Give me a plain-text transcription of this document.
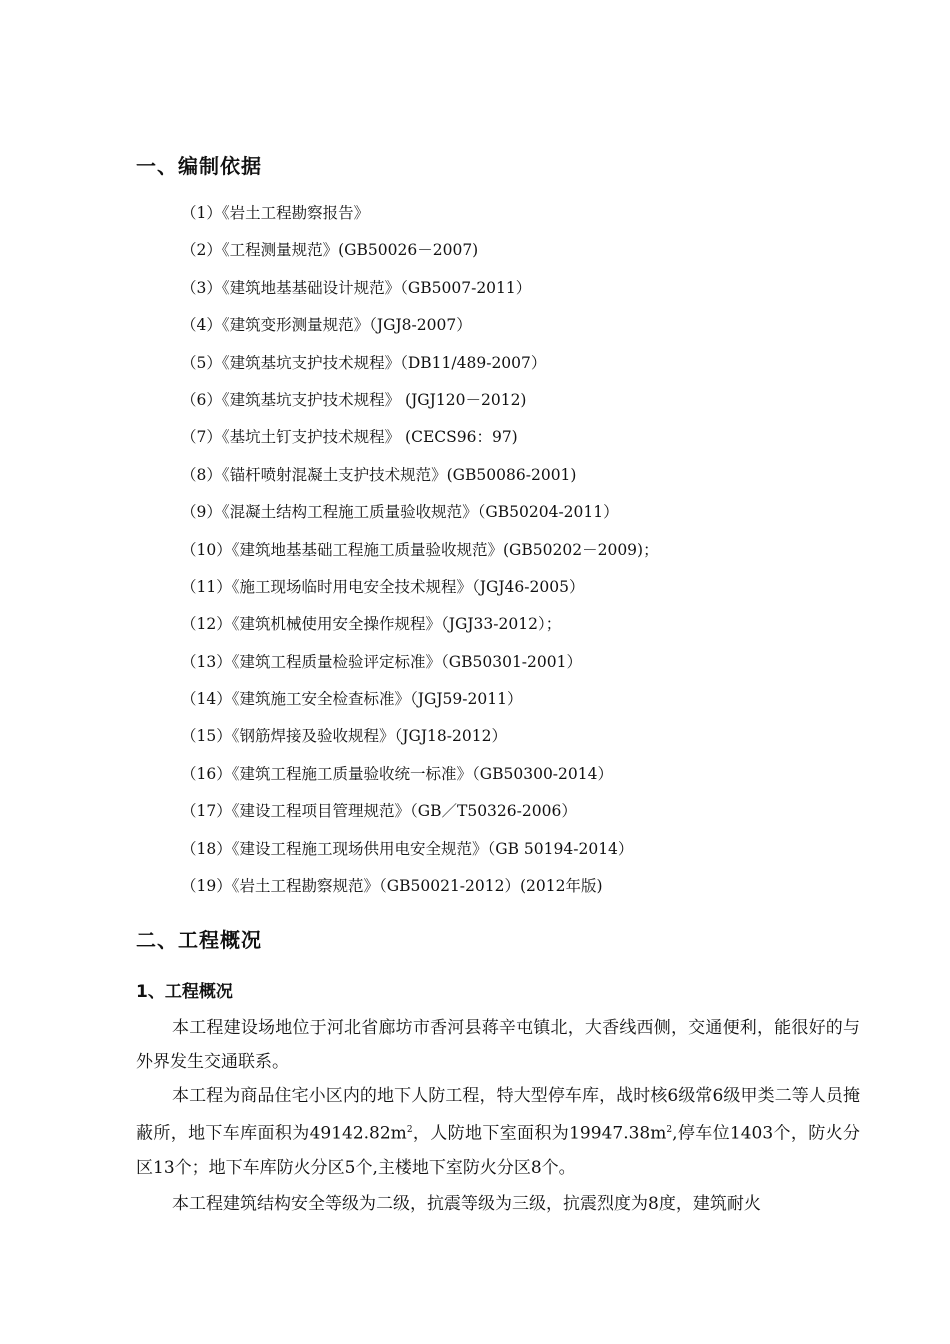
一、编制依据
（1）《岩土工程勘察报告》
（2）《工程测量规范》(GB50026－2007)
（3）《建筑地基基础设计规范》（GB5007-2011）
（4）《建筑变形测量规范》（JGJ8-2007）
（5）《建筑基坑支护技术规程》（DB11/489-2007）
（6）《建筑基坑支护技术规程》 (JGJ120－2012)
（7）《基坑土钉支护技术规程》 (CECS96：97)
（8）《锚杆喷射混凝土支护技术规范》(GB50086-2001)
（9）《混凝土结构工程施工质量验收规范》（GB50204-2011）
（10）《建筑地基基础工程施工质量验收规范》(GB50202－2009)；
（11）《施工现场临时用电安全技术规程》（JGJ46-2005）
（12）《建筑机械使用安全操作规程》（JGJ33-2012）；
（13）《建筑工程质量检验评定标准》（GB50301-2001）
（14）《建筑施工安全检查标准》（JGJ59-2011）
（15）《钢筋焊接及验收规程》（JGJ18-2012）
（16）《建筑工程施工质量验收统一标准》（GB50300-2014）
（17）《建设工程项目管理规范》（GB／T50326-2006）
（18）《建设工程施工现场供用电安全规范》（GB 50194-2014）
（19）《岩土工程勘察规范》（GB50021-2012）(2012年版)
二、工程概况
1、工程概况

本工程建设场地位于河北省廊坊市香河县蒋辛屯镇北，大香线西侧，交通便利，能很好的与外界发生交通联系。

本工程为商品住宅小区内的地下人防工程，特大型停车库，战时核6级常6级甲类二等人员掩蔽所，地下车库面积为$49142.82m^2$，人防地下室面积为$19947.38m^2$,停车位1403个，防火分区13个；地下车库防火分区5个,主楼地下室防火分区8个。

本工程建筑结构安全等级为二级，抗震等级为三级，抗震烈度为8度，建筑耐火
